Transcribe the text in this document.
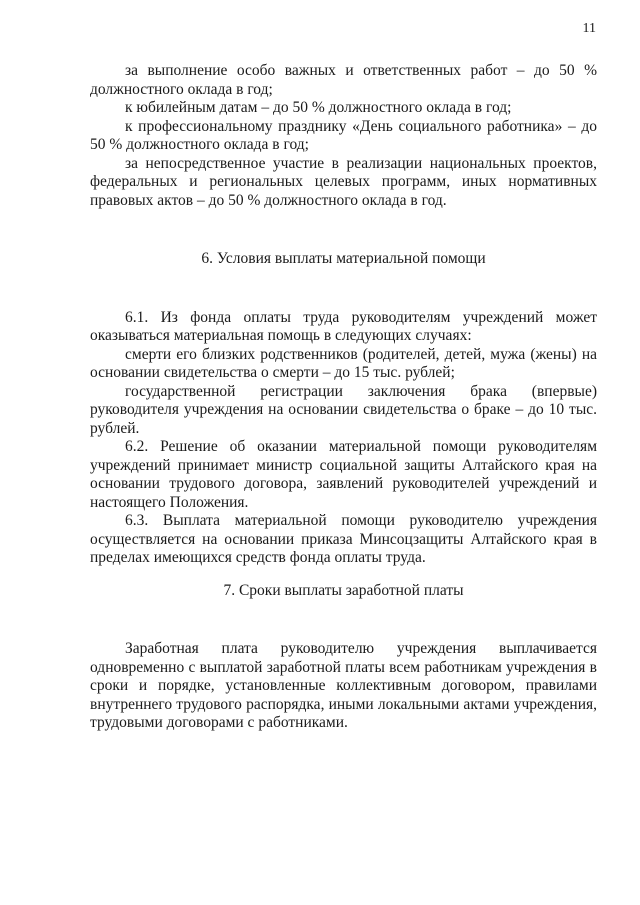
11

за выполнение особо важных и ответственных работ – до 50 % должностного оклада в год;

к юбилейным датам – до 50 % должностного оклада в год;

к профессиональному празднику «День социального работника» – до 50 % должностного оклада в год;

за непосредственное участие в реализации национальных проектов, федеральных и региональных целевых программ, иных нормативных правовых актов – до 50 % должностного оклада в год.

6. Условия выплаты материальной помощи

6.1. Из фонда оплаты труда руководителям учреждений может оказываться материальная помощь в следующих случаях:

смерти его близких родственников (родителей, детей, мужа (жены) на основании свидетельства о смерти – до 15 тыс. рублей;

государственной регистрации заключения брака (впервые) руководителя учреждения на основании свидетельства о браке – до 10 тыс. рублей.

6.2. Решение об оказании материальной помощи руководителям учреждений принимает министр социальной защиты Алтайского края на основании трудового договора, заявлений руководителей учреждений и настоящего Положения.

6.3. Выплата материальной помощи руководителю учреждения осуществляется на основании приказа Минсоцзащиты Алтайского края в пределах имеющихся средств фонда оплаты труда.

7. Сроки выплаты заработной платы

Заработная плата руководителю учреждения выплачивается одновременно с выплатой заработной платы всем работникам учреждения в сроки и порядке, установленные коллективным договором, правилами внутреннего трудового распорядка, иными локальными актами учреждения, трудовыми договорами с работниками.
